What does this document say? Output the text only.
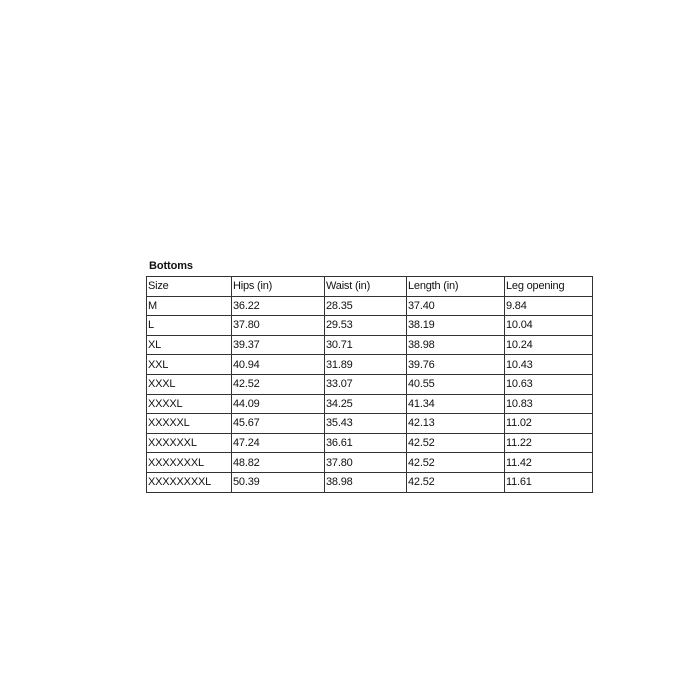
Bottoms
Size	Hips (in)	Waist (in)	Length (in)	Leg opening
M	36.22	28.35	37.40	9.84
L	37.80	29.53	38.19	10.04
XL	39.37	30.71	38.98	10.24
XXL	40.94	31.89	39.76	10.43
XXXL	42.52	33.07	40.55	10.63
XXXXL	44.09	34.25	41.34	10.83
XXXXXL	45.67	35.43	42.13	11.02
XXXXXXL	47.24	36.61	42.52	11.22
XXXXXXXL	48.82	37.80	42.52	11.42
XXXXXXXXL	50.39	38.98	42.52	11.61
